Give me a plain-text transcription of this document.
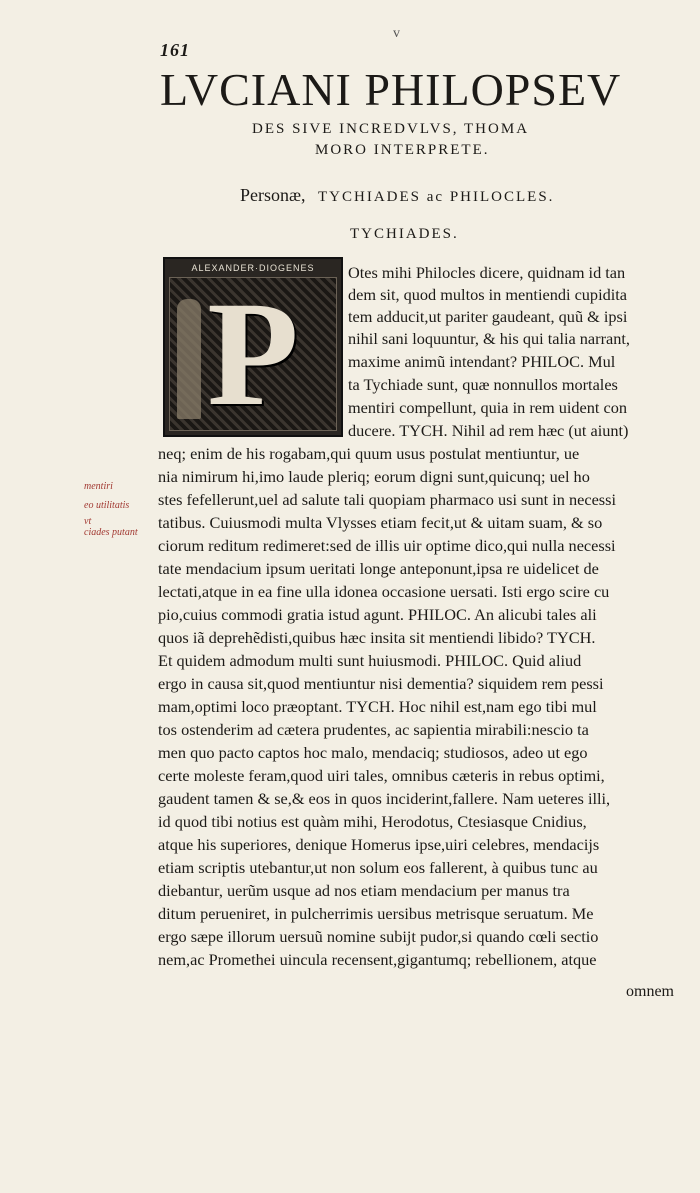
v
161
LVCIANI PHILOPSEV
DES SIVE INCREDVLVS, THOMA
MORO INTERPRETE.
Personæ, TYCHIADES ac PHILOCLES.
TYCHIADES.
ALEXANDER·DIOGENES
P
mentiri
eo utilitatis
vt
ciades putant
Otes mihi Philocles dicere, quidnam id tan
dem sit, quod multos in mentiendi cupidita
tem adducit,ut pariter gaudeant, quũ & ipsi
nihil sani loquuntur, & his qui talia narrant,
maxime animũ intendant? PHILOC. Mul
ta Tychiade sunt, quæ nonnullos mortales
mentiri compellunt, quia in rem uident con
ducere. TYCH. Nihil ad rem hæc (ut aiunt)
neq; enim de his rogabam,qui quum usus postulat mentiuntur, ue
nia nimirum hi,imo laude pleriq; eorum digni sunt,quicunq; uel ho
stes fefellerunt,uel ad salute tali quopiam pharmaco usi sunt in necessi
tatibus. Cuiusmodi multa Vlysses etiam fecit,ut & uitam suam, & so
ciorum reditum redimeret:sed de illis uir optime dico,qui nulla necessi
tate mendacium ipsum ueritati longe anteponunt,ipsa re uidelicet de
lectati,atque in ea fine ulla idonea occasione uersati. Isti ergo scire cu
pio,cuius commodi gratia istud agunt. PHILOC. An alicubi tales ali
quos iã deprehẽdisti,quibus hæc insita sit mentiendi libido? TYCH.
Et quidem admodum multi sunt huiusmodi. PHILOC. Quid aliud
ergo in causa sit,quod mentiuntur nisi dementia? siquidem rem pessi
mam,optimi loco præoptant. TYCH. Hoc nihil est,nam ego tibi mul
tos ostenderim ad cætera prudentes, ac sapientia mirabili:nescio ta
men quo pacto captos hoc malo, mendaciq; studiosos, adeo ut ego
certe moleste feram,quod uiri tales, omnibus cæteris in rebus optimi,
gaudent tamen & se,& eos in quos inciderint,fallere. Nam ueteres illi,
id quod tibi notius est quàm mihi, Herodotus, Ctesiasque Cnidius,
atque his superiores, denique Homerus ipse,uiri celebres, mendacijs
etiam scriptis utebantur,ut non solum eos fallerent, à quibus tunc au
diebantur, uerũm usque ad nos etiam mendacium per manus tra
ditum perueniret, in pulcherrimis uersibus metrisque seruatum. Me
ergo sæpe illorum uersuũ nomine subijt pudor,si quando cœli sectio
nem,ac Promethei uincula recensent,gigantumq; rebellionem, atque
omnem
